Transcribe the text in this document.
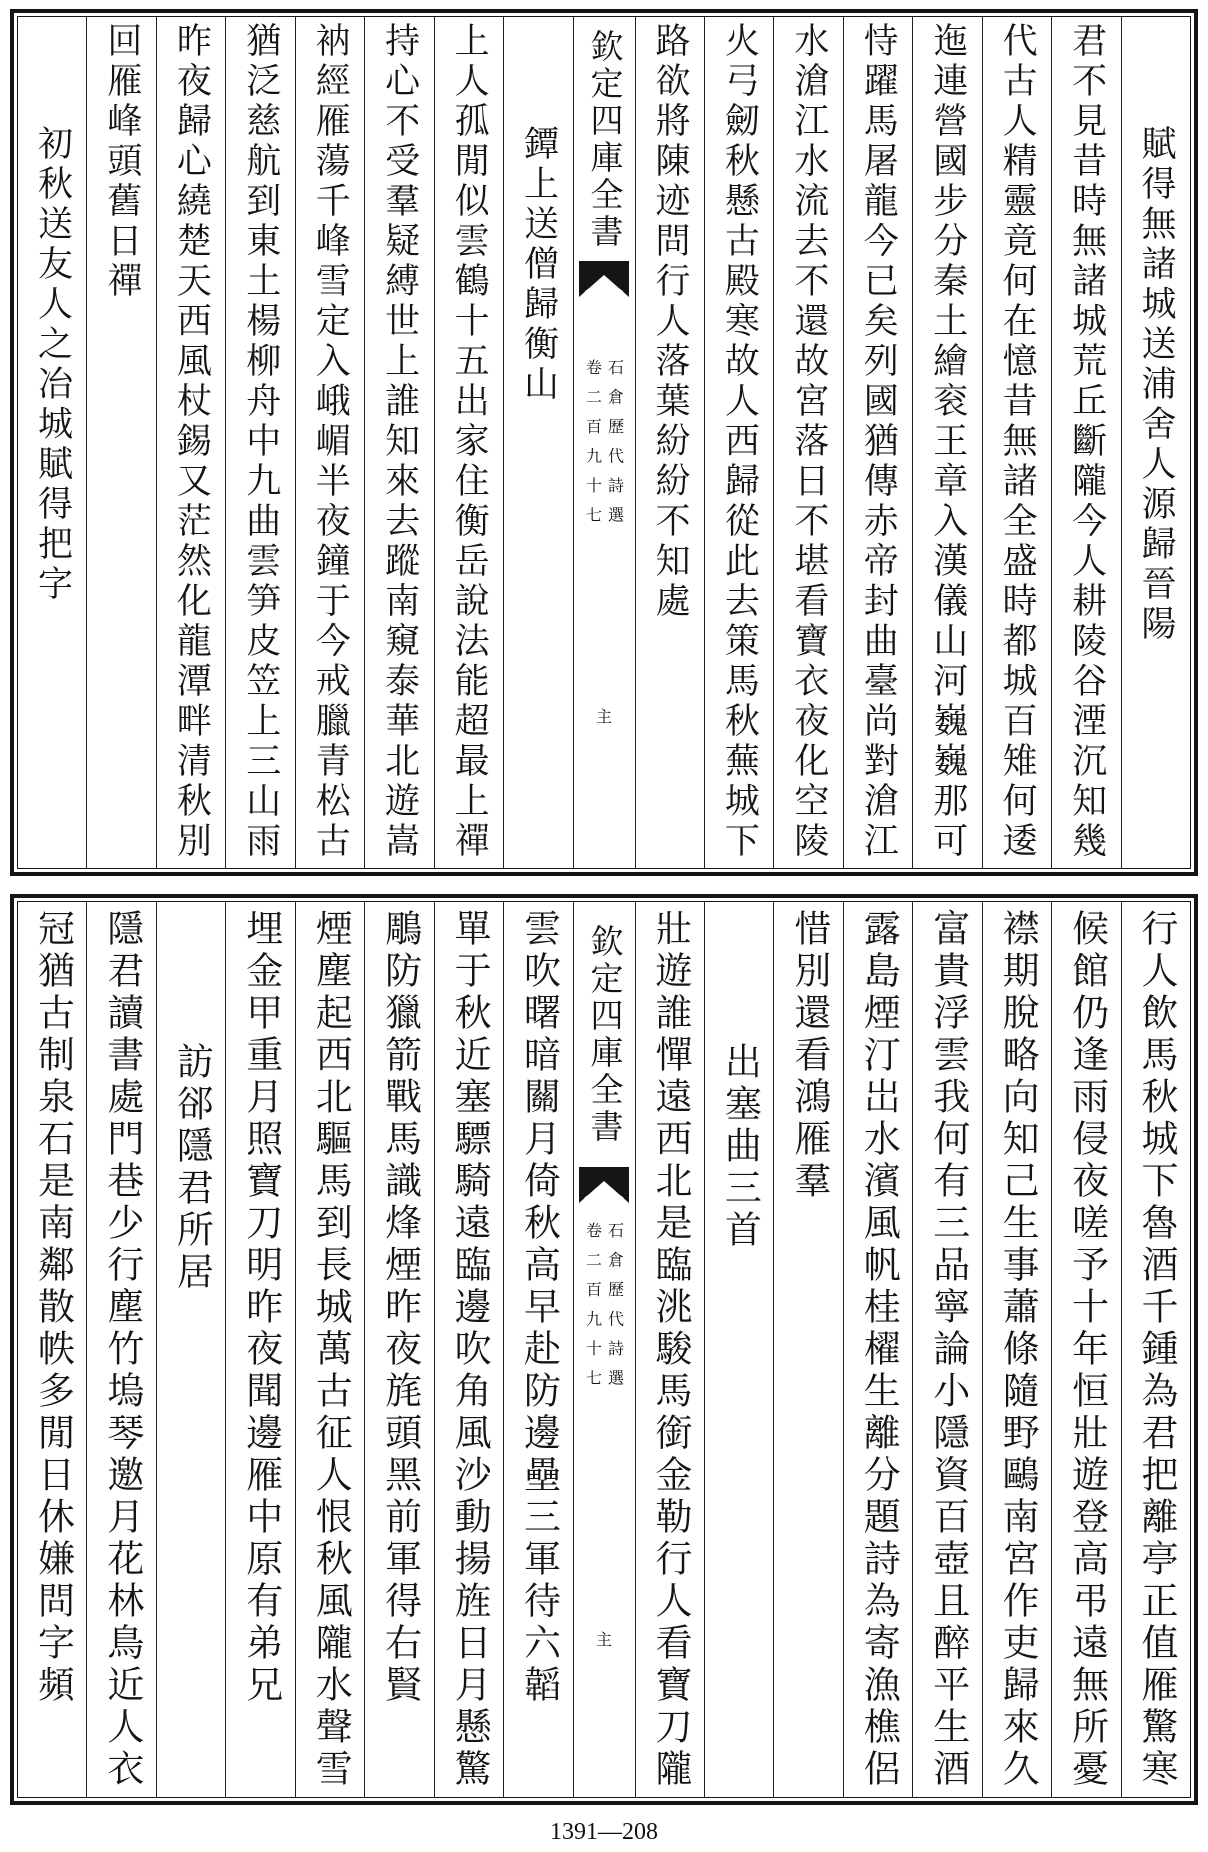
賦得無諸城送浦舍人源歸晉陽
君不見昔時無諸城荒丘斷隴今人耕陵谷湮沉知幾
代古人精靈竟何在憶昔無諸全盛時都城百雉何逶
迤連營國步分秦土繪衮王章入漢儀山河巍巍那可
恃躍馬屠龍今已矣列國猶傳赤帝封曲臺尚對滄江
水滄江水流去不還故宮落日不堪看寶衣夜化空陵
火弓劒秋懸古殿寒故人西歸從此去策馬秋蕪城下
路欲將陳迹問行人落葉紛紛不知處
欽定四庫全書
石倉歷代詩選
卷二百九十七
主
鐔上送僧歸衡山
上人孤閒似雲鶴十五出家住衡岳說法能超最上禪
持心不受羣疑縛世上誰知來去蹤南窺泰華北遊嵩
衲經雁蕩千峰雪定入峨嵋半夜鐘于今戒臘青松古
猶泛慈航到東土楊柳舟中九曲雲笋皮笠上三山雨
昨夜歸心繞楚天西風杖錫又茫然化龍潭畔清秋別
回雁峰頭舊日禪
初秋送友人之冶城賦得把字
行人飲馬秋城下魯酒千鍾為君把離亭正值雁驚寒
候館仍逢雨侵夜嗟予十年恒壯遊登高弔遠無所憂
襟期脫略向知己生事蕭條隨野鷗南宮作吏歸來久
富貴浮雲我何有三品寧論小隱資百壺且醉平生酒
露島煙汀岀水濱風帆桂櫂生離分題詩為寄漁樵侶
惜別還看鴻雁羣
出塞曲三首
壯遊誰憚遠西北是臨洮駿馬銜金勒行人看寶刀隴
欽定四庫全書
石倉歷代詩選
卷二百九十七
主
雲吹曙暗關月倚秋高早赴防邊壘三軍待六韜
單于秋近塞驃騎遠臨邊吹角風沙動揚旌日月懸驚
鵰防獵箭戰馬識烽煙昨夜旄頭黑前軍得右賢
煙塵起西北驅馬到長城萬古征人恨秋風隴水聲雪
埋金甲重月照寶刀明昨夜聞邊雁中原有弟兄
訪郤隱君所居
隱君讀書處門巷少行塵竹塢琴邀月花林鳥近人衣
冠猶古制泉石是南鄰散帙多閒日休嫌問字頻
1391—208
